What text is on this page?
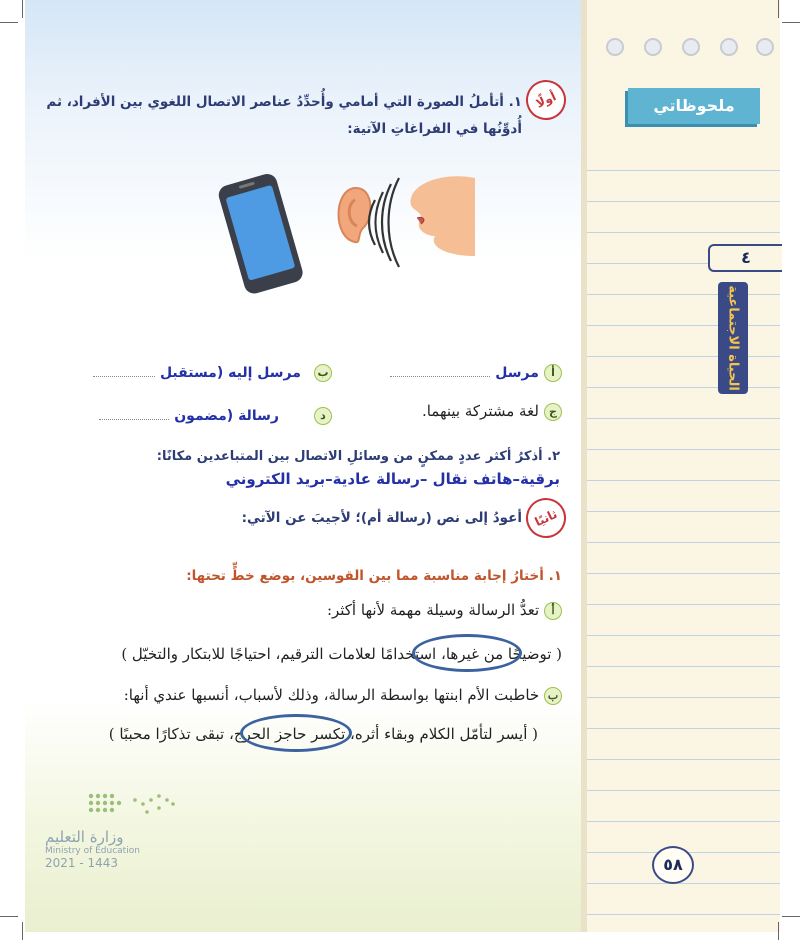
ملحوظاتي
٤
الحياة الاجتماعية
٥٨
أولًا
١. أتأملُ الصورة التي أمامي وأُحدِّدُ عناصر الاتصال اللغوي بين الأفراد، ثم
أُدوِّنُها في الفراغاتِ الآتية:
أ مرسل
ب مرسل إليه (مستقبل
ج لغة مشتركة بينهما.
د رسالة (مضمون
٢. أذكرُ أكثر عددٍ ممكنٍ من وسائلِ الاتصال بين المتباعدين مكانًا:
برقية–هاتف نقال –رسالة عادية–بريد الكتروني
ثانيًا
أعودُ إلى نص (رسالة أم)؛ لأجيبَ عن الآتي:
١. أختارُ إجابة مناسبة مما بين القوسين، بوضع خطٍّ تحتها:
أ تعدُّ الرسالة وسيلة مهمة لأنها أكثر:
( توضيحًا من غيرها، استخدامًا لعلامات الترقيم، احتياجًا للابتكار والتخيّل )
ب خاطبت الأم ابنتها بواسطة الرسالة، وذلك لأسباب، أنسبها عندي أنها:
( أيسر لتأمّل الكلام وبقاء أثره، تكسر حاجز الحرج، تبقى تذكارًا محببًا )
وزارة التعليم
Ministry of Education
2021 - 1443
